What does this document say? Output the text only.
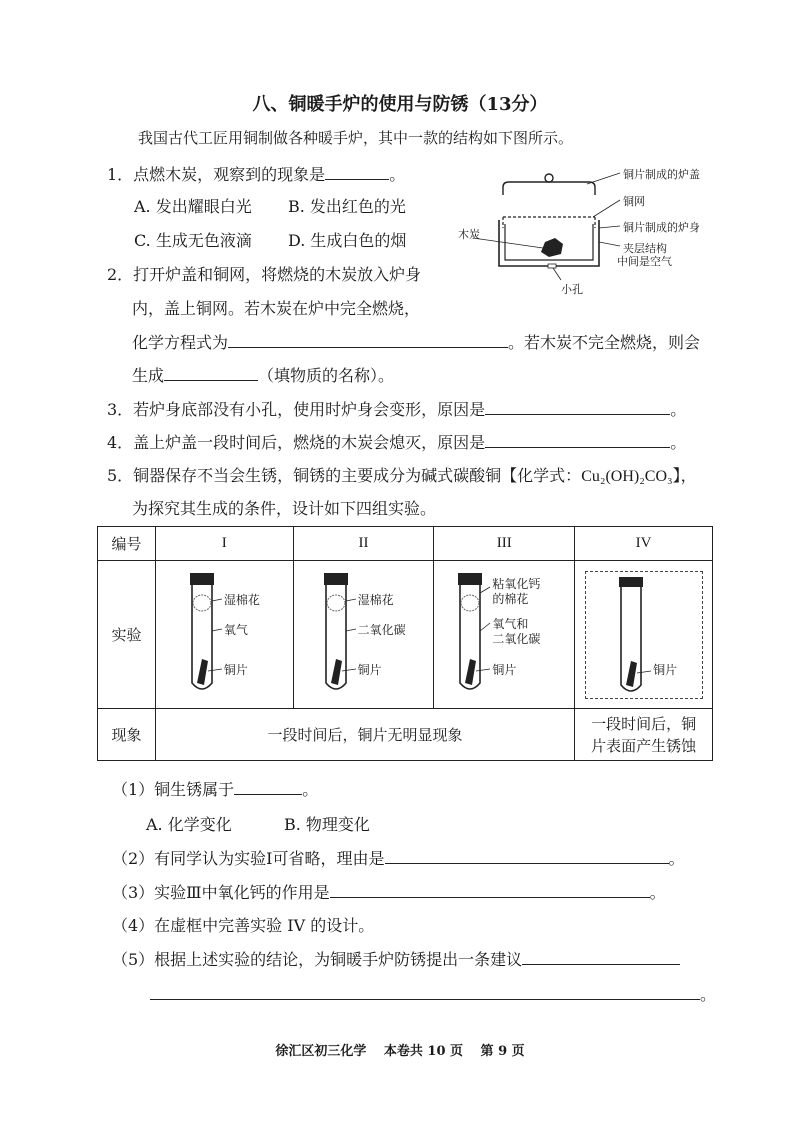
八、铜暖手炉的使用与防锈（13分）
我国古代工匠用铜制做各种暖手炉，其中一款的结构如下图所示。
1．点燃木炭，观察到的现象是	。
A. 发出耀眼白光 B. 发出红色的光
C. 生成无色液滴 D. 生成白色的烟
铜片制成的炉盖
铜网
铜片制成的炉身
木炭
夹层结构
中间是空气
小孔
2．打开炉盖和铜网，将燃烧的木炭放入炉身
内，盖上铜网。若木炭在炉中完全燃烧，
化学方程式为	。若木炭不完全燃烧，则会
生成	（填物质的名称）。
3．若炉身底部没有小孔，使用时炉身会变形，原因是	。
4．盖上炉盖一段时间后，燃烧的木炭会熄灭，原因是	。
5．铜器保存不当会生锈，铜锈的主要成分为碱式碳酸铜【化学式：Cu₂(OH)₂CO₃】，
为探究其生成的条件，设计如下四组实验。
编号	I	II	III	IV
实验	湿棉花
氧气
铜片	湿棉花
二氧化碳
铜片	粘氧化钙
的棉花
氧气和
二氧化碳
铜片	铜片

现象	一段时间后，铜片无明显现象			一段时间后，铜
片表面产生锈蚀
（1）铜生锈属于	。
A. 化学变化	B. 物理变化
（2）有同学认为实验Ⅰ可省略，理由是	。
（3）实验Ⅲ中氧化钙的作用是	。
（4）在虚框中完善实验 IV 的设计。
（5）根据上述实验的结论，为铜暖手炉防锈提出一条建议
。
徐汇区初三化学　 本卷共 10 页　 第 9 页
